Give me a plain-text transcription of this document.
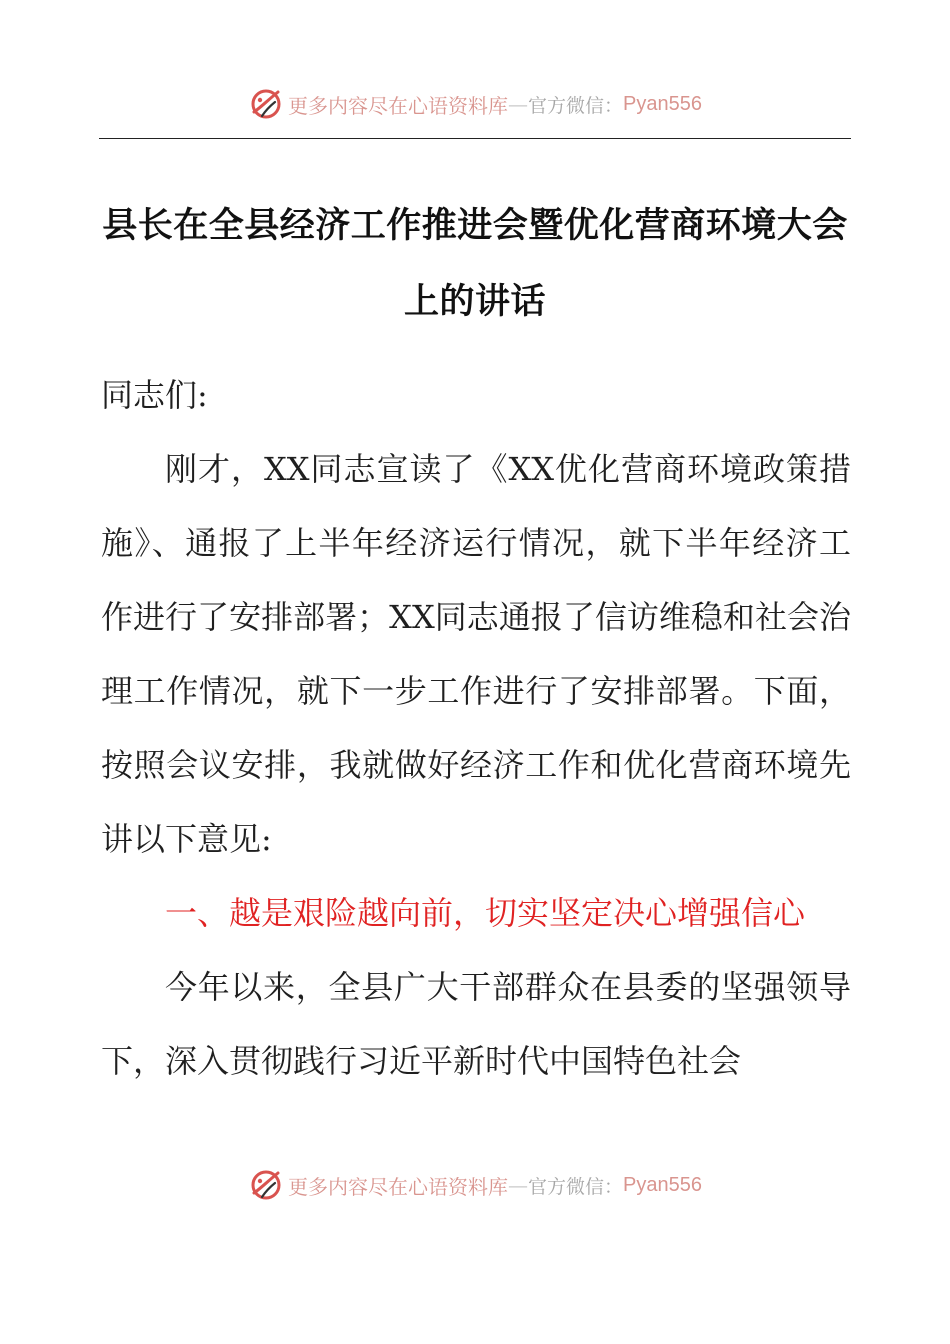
更多内容尽在心语资料库 — 官方微信： Pyan556
县长在全县经济工作推进会暨优化营商环境大会上的讲话

同志们:

刚才，XX同志宣读了《XX优化营商环境政策措施》、通报了上半年经济运行情况，就下半年经济工作进行了安排部署；XX同志通报了信访维稳和社会治理工作情况，就下一步工作进行了安排部署。下面，按照会议安排，我就做好经济工作和优化营商环境先讲以下意见:

一、越是艰险越向前，切实坚定决心增强信心

今年以来，全县广大干部群众在县委的坚强领导下，深入贯彻践行习近平新时代中国特色社会

更多内容尽在心语资料库 — 官方微信： Pyan556
